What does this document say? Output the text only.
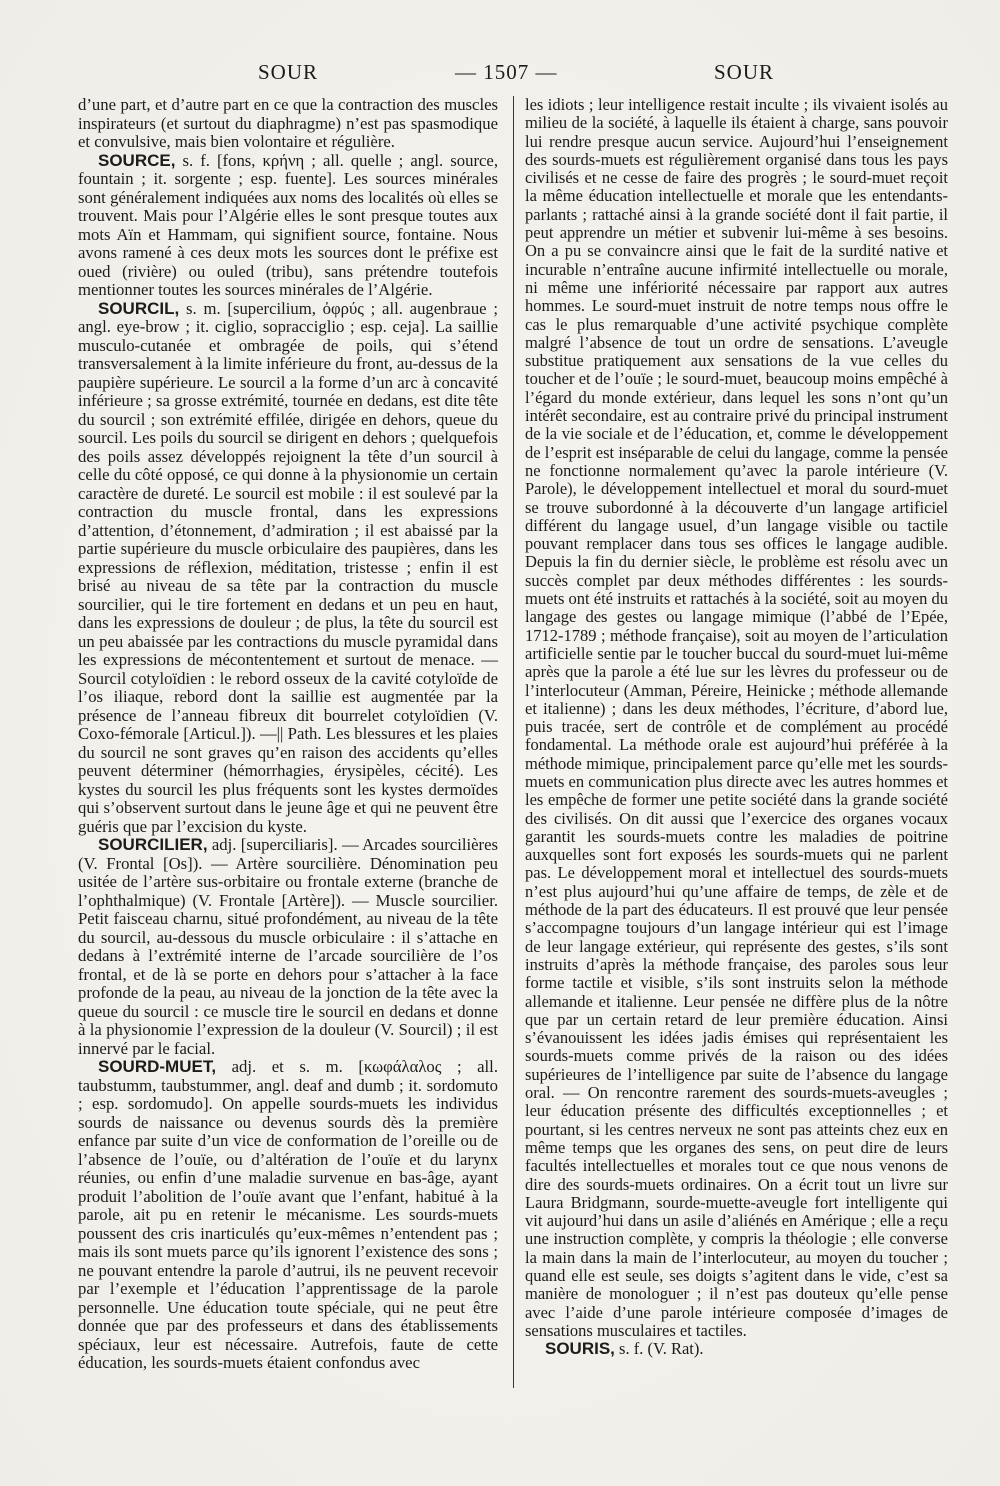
SOUR	— 1507 —	SOUR

d’une part, et d’autre part en ce que la contraction des muscles inspirateurs (et surtout du diaphragme) n’est pas spasmodique et convulsive, mais bien volontaire et régulière.

SOURCE, s. f. [fons, κρήνη ; all. quelle ; angl. source, fountain ; it. sorgente ; esp. fuente]. Les sources minérales sont généralement indiquées aux noms des localités où elles se trouvent. Mais pour l’Algérie elles le sont presque toutes aux mots Aïn et Hammam, qui signifient source, fontaine. Nous avons ramené à ces deux mots les sources dont le préfixe est oued (rivière) ou ouled (tribu), sans prétendre toutefois mentionner toutes les sources minérales de l’Algérie.

SOURCIL, s. m. [supercilium, ὀφρύς ; all. augenbraue ; angl. eye-brow ; it. ciglio, sopracciglio ; esp. ceja]. La saillie musculo-cutanée et ombragée de poils, qui s’étend transversalement à la limite inférieure du front, au-dessus de la paupière supérieure. Le sourcil a la forme d’un arc à concavité inférieure ; sa grosse extrémité, tournée en dedans, est dite tête du sourcil ; son extrémité effilée, dirigée en dehors, queue du sourcil. Les poils du sourcil se dirigent en dehors ; quelquefois des poils assez développés rejoignent la tête d’un sourcil à celle du côté opposé, ce qui donne à la physionomie un certain caractère de dureté. Le sourcil est mobile : il est soulevé par la contraction du muscle frontal, dans les expressions d’attention, d’étonnement, d’admiration ; il est abaissé par la partie supérieure du muscle orbiculaire des paupières, dans les expressions de réflexion, méditation, tristesse ; enfin il est brisé au niveau de sa tête par la contraction du muscle sourcilier, qui le tire fortement en dedans et un peu en haut, dans les expressions de douleur ; de plus, la tête du sourcil est un peu abaissée par les contractions du muscle pyramidal dans les expressions de mécontentement et surtout de menace. — Sourcil cotyloïdien : le rebord osseux de la cavité cotyloïde de l’os iliaque, rebord dont la saillie est augmentée par la présence de l’anneau fibreux dit bourrelet cotyloïdien (V. Coxo-fémorale [Articul.]). —|| Path. Les blessures et les plaies du sourcil ne sont graves qu’en raison des accidents qu’elles peuvent déterminer (hémorrhagies, érysipèles, cécité). Les kystes du sourcil les plus fréquents sont les kystes dermoïdes qui s’observent surtout dans le jeune âge et qui ne peuvent être guéris que par l’excision du kyste.

SOURCILIER, adj. [superciliaris]. — Arcades sourcilières (V. Frontal [Os]). — Artère sourcilière. Dénomination peu usitée de l’artère sus-orbitaire ou frontale externe (branche de l’ophthalmique) (V. Frontale [Artère]). — Muscle sourcilier. Petit faisceau charnu, situé profondément, au niveau de la tête du sourcil, au-dessous du muscle orbiculaire : il s’attache en dedans à l’extrémité interne de l’arcade sourcilière de l’os frontal, et de là se porte en dehors pour s’attacher à la face profonde de la peau, au niveau de la jonction de la tête avec la queue du sourcil : ce muscle tire le sourcil en dedans et donne à la physionomie l’expression de la douleur (V. Sourcil) ; il est innervé par le facial.

SOURD-MUET, adj. et s. m. [κωφάλαλος ; all. taubstumm, taubstummer, angl. deaf and dumb ; it. sordomuto ; esp. sordomudo]. On appelle sourds-muets les individus sourds de naissance ou devenus sourds dès la première enfance par suite d’un vice de conformation de l’oreille ou de l’absence de l’ouïe, ou d’altération de l’ouïe et du larynx réunies, ou enfin d’une maladie survenue en bas-âge, ayant produit l’abolition de l’ouïe avant que l’enfant, habitué à la parole, ait pu en retenir le mécanisme. Les sourds-muets poussent des cris inarticulés qu’eux-mêmes n’entendent pas ; mais ils sont muets parce qu’ils ignorent l’existence des sons ; ne pouvant entendre la parole d’autrui, ils ne peuvent recevoir par l’exemple et l’éducation l’apprentissage de la parole personnelle. Une éducation toute spéciale, qui ne peut être donnée que par des professeurs et dans des établissements spéciaux, leur est nécessaire. Autrefois, faute de cette éducation, les sourds-muets étaient confondus avec

les idiots ; leur intelligence restait inculte ; ils vivaient isolés au milieu de la société, à laquelle ils étaient à charge, sans pouvoir lui rendre presque aucun service. Aujourd’hui l’enseignement des sourds-muets est régulièrement organisé dans tous les pays civilisés et ne cesse de faire des progrès ; le sourd-muet reçoit la même éducation intellectuelle et morale que les entendants-parlants ; rattaché ainsi à la grande société dont il fait partie, il peut apprendre un métier et subvenir lui-même à ses besoins. On a pu se convaincre ainsi que le fait de la surdité native et incurable n’entraîne aucune infirmité intellectuelle ou morale, ni même une infériorité nécessaire par rapport aux autres hommes. Le sourd-muet instruit de notre temps nous offre le cas le plus remarquable d’une activité psychique complète malgré l’absence de tout un ordre de sensations. L’aveugle substitue pratiquement aux sensations de la vue celles du toucher et de l’ouïe ; le sourd-muet, beaucoup moins empêché à l’égard du monde extérieur, dans lequel les sons n’ont qu’un intérêt secondaire, est au contraire privé du principal instrument de la vie sociale et de l’éducation, et, comme le développement de l’esprit est inséparable de celui du langage, comme la pensée ne fonctionne normalement qu’avec la parole intérieure (V. Parole), le développement intellectuel et moral du sourd-muet se trouve subordonné à la découverte d’un langage artificiel différent du langage usuel, d’un langage visible ou tactile pouvant remplacer dans tous ses offices le langage audible. Depuis la fin du dernier siècle, le problème est résolu avec un succès complet par deux méthodes différentes : les sourds-muets ont été instruits et rattachés à la société, soit au moyen du langage des gestes ou langage mimique (l’abbé de l’Epée, 1712-1789 ; méthode française), soit au moyen de l’articulation artificielle sentie par le toucher buccal du sourd-muet lui-même après que la parole a été lue sur les lèvres du professeur ou de l’interlocuteur (Amman, Péreire, Heinicke ; méthode allemande et italienne) ; dans les deux méthodes, l’écriture, d’abord lue, puis tracée, sert de contrôle et de complément au procédé fondamental. La méthode orale est aujourd’hui préférée à la méthode mimique, principalement parce qu’elle met les sourds-muets en communication plus directe avec les autres hommes et les empêche de former une petite société dans la grande société des civilisés. On dit aussi que l’exercice des organes vocaux garantit les sourds-muets contre les maladies de poitrine auxquelles sont fort exposés les sourds-muets qui ne parlent pas. Le développement moral et intellectuel des sourds-muets n’est plus aujourd’hui qu’une affaire de temps, de zèle et de méthode de la part des éducateurs. Il est prouvé que leur pensée s’accompagne toujours d’un langage intérieur qui est l’image de leur langage extérieur, qui représente des gestes, s’ils sont instruits d’après la méthode française, des paroles sous leur forme tactile et visible, s’ils sont instruits selon la méthode allemande et italienne. Leur pensée ne diffère plus de la nôtre que par un certain retard de leur première éducation. Ainsi s’évanouissent les idées jadis émises qui représentaient les sourds-muets comme privés de la raison ou des idées supérieures de l’intelligence par suite de l’absence du langage oral. — On rencontre rarement des sourds-muets-aveugles ; leur éducation présente des difficultés exceptionnelles ; et pourtant, si les centres nerveux ne sont pas atteints chez eux en même temps que les organes des sens, on peut dire de leurs facultés intellectuelles et morales tout ce que nous venons de dire des sourds-muets ordinaires. On a écrit tout un livre sur Laura Bridgmann, sourde-muette-aveugle fort intelligente qui vit aujourd’hui dans un asile d’aliénés en Amérique ; elle a reçu une instruction complète, y compris la théologie ; elle converse la main dans la main de l’interlocuteur, au moyen du toucher ; quand elle est seule, ses doigts s’agitent dans le vide, c’est sa manière de monologuer ; il n’est pas douteux qu’elle pense avec l’aide d’une parole intérieure composée d’images de sensations musculaires et tactiles.

SOURIS, s. f. (V. Rat).
